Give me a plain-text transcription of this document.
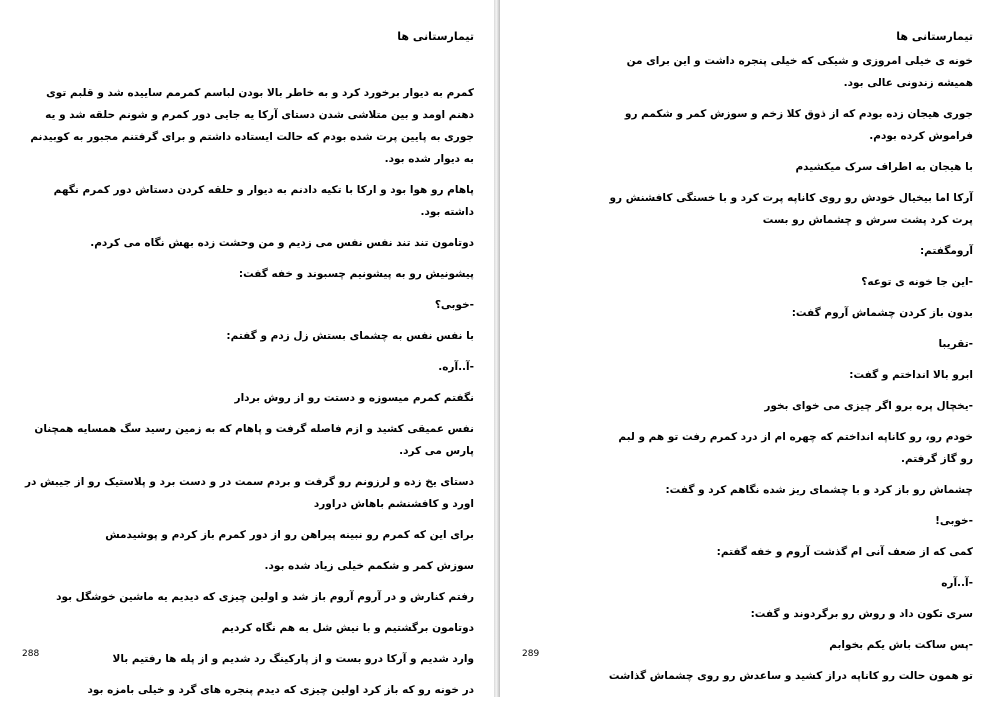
تیمارستانی ها

کمرم به دیوار برخورد کرد و به خاطر بالا بودن لباسم کمرمم ساییده شد و قلبم توی دهنم اومد و بین متلاشی شدن دستای آرکا یه جایی دور کمرم و شونم حلقه شد و یه جوری به پایین پرت شده بودم که حالت ایستاده داشتم و برای گرفتنم مجبور به کوبیدنم به دیوار شده بود.

پاهام رو هوا بود و ارکا با تکیه دادنم به دیوار و حلقه کردن دستاش دور کمرم نگهم داشته بود.

دوتامون تند تند نفس نفس می زدیم و من وحشت زده بهش نگاه می کردم.

پیشونیش رو به پیشونیم چسبوند و خفه گفت:

-خوبی؟

با نفس نفس به چشمای بستش زل زدم و گفتم:

-آ..آره.

نگفتم کمرم میسوزه و دستت رو از روش بردار

نفس عمیقی کشید و ازم فاصله گرفت و پاهام که به زمین رسید سگ همسایه همچنان پارس می کرد.

دستای یخ زده و لرزونم رو گرفت و بردم سمت در و دست برد و پلاستیک رو از جیبش در اورد و کافشنشم باهاش دراورد

برای این که کمرم رو نبینه پیراهن رو از دور کمرم باز کردم و پوشیدمش

سوزش کمر و شکمم خیلی زیاد شده بود.

رفتم کنارش و در آروم آروم باز شد و اولین چیزی که دیدیم یه ماشین خوشگل بود

دوتامون برگشتیم و با نیش شل به هم نگاه کردیم

وارد شدیم و آرکا درو بست و از پارکینگ رد شدیم و از پله ها رفتیم بالا

در خونه رو که باز کرد اولین چیزی که دیدم پنجره های گرد و خیلی بامزه بود

288
تیمارستانی ها

خونه ی خیلی امروزی و شیکی که خیلی پنجره داشت و این برای من همیشه زندونی عالی بود.

جوری هیجان زده بودم که از ذوق کلا زخم و سوزش کمر و شکمم رو فراموش کرده بودم.

با هیجان به اطراف سرک میکشیدم

آرکا اما بیخیال خودش رو روی کاناپه پرت کرد و با خستگی کافشنش رو پرت کرد پشت سرش و چشماش رو بست

آرومگفتم:

-این جا خونه ی توعه؟

بدون باز کردن چشماش آروم گفت:

-تقریبا

ابرو بالا انداختم و گفت:

-یخچال پره برو اگر چیزی می خوای بخور

خودم رو، رو کاناپه انداختم که چهره ام از درد کمرم رفت تو هم و لبم رو گاز گرفتم.

چشماش رو باز کرد و با چشمای ریز شده نگاهم کرد و گفت:

-خوبی!

کمی که از ضعف آنی ام گذشت آروم و خفه گفتم:

-آ..آره

سری تکون داد و روش رو برگردوند و گفت:

-پس ساکت باش یکم بخوابم

تو همون حالت رو کاناپه دراز کشید و ساعدش رو روی چشماش گذاشت

289
